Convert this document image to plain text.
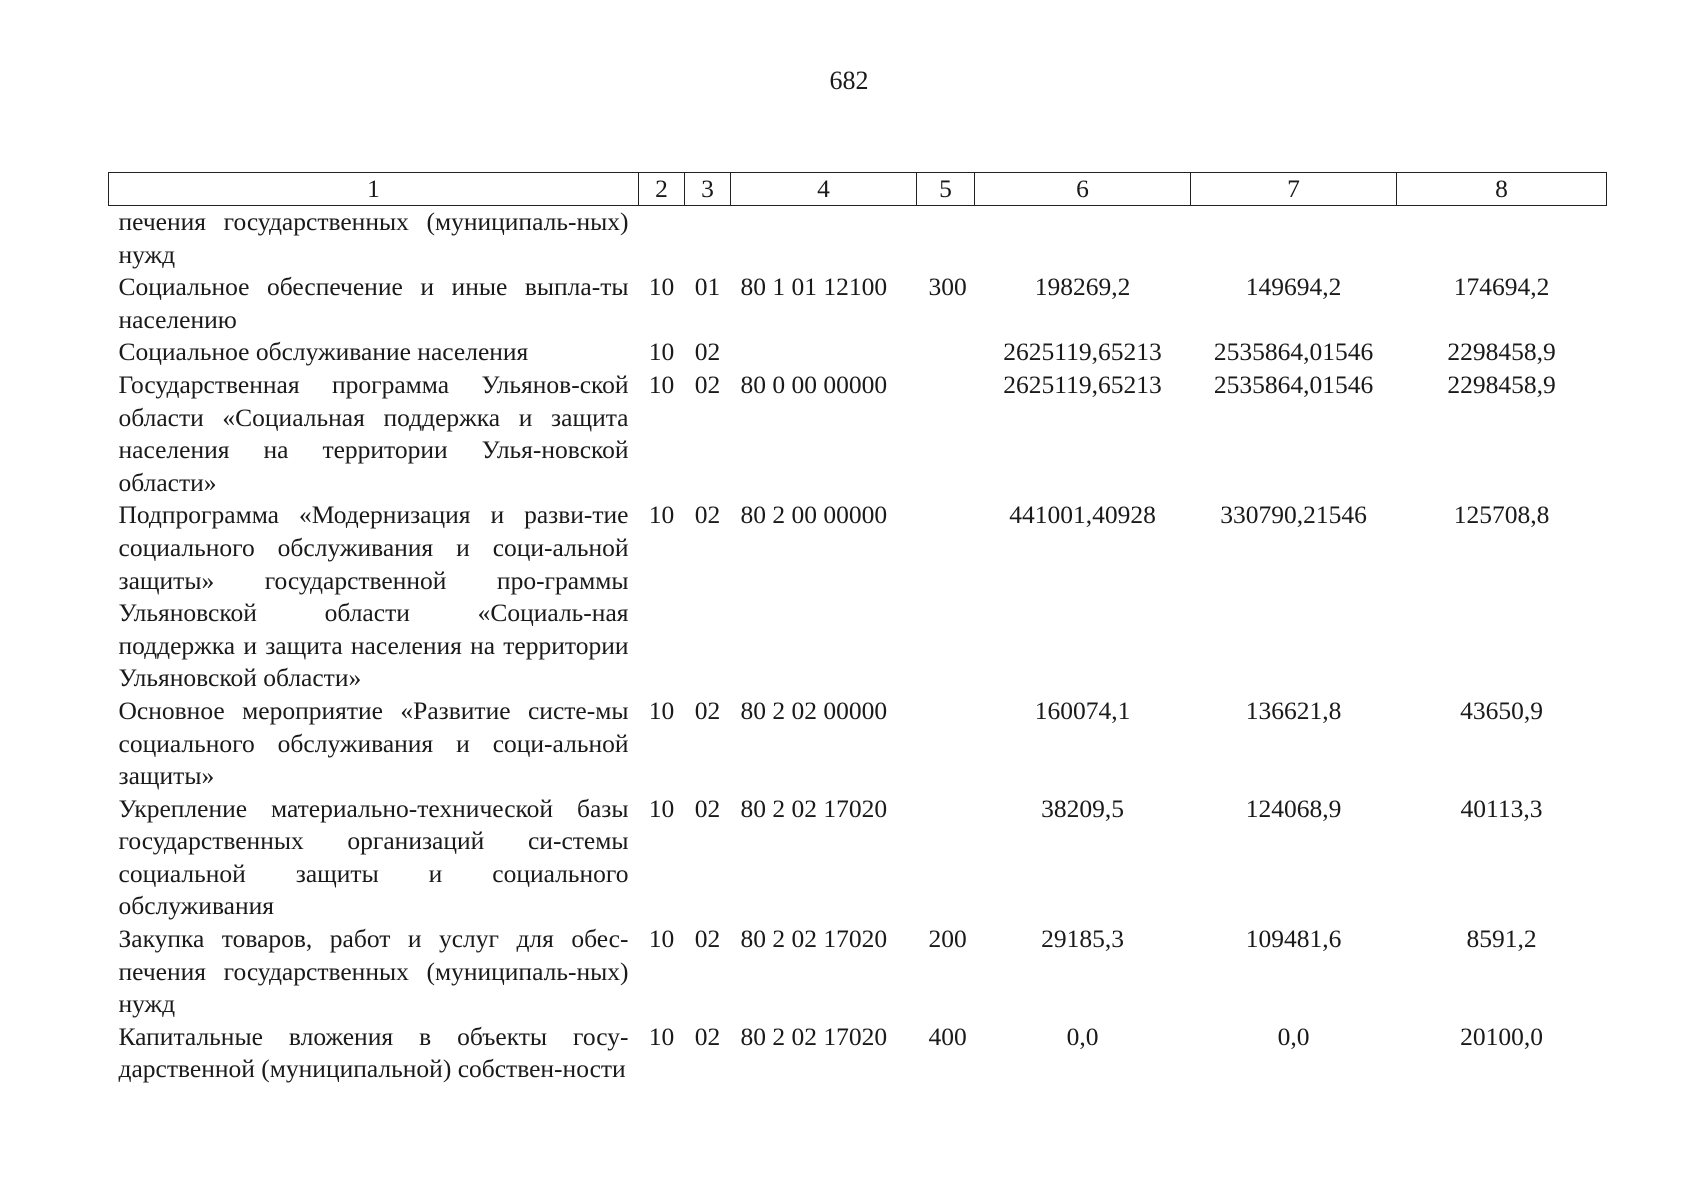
682
1	2	3	4	5	6	7	8
печения государственных (муниципаль-ных) нужд							
Социальное обеспечение и иные выпла-ты населению	10	01	80 1 01 12100	300	198269,2	149694,2	174694,2
Социальное обслуживание населения	10	02			2625119,65213	2535864,01546	2298458,9
Государственная программа Ульянов-ской области «Социальная поддержка и защита населения на территории Улья-новской области»	10	02	80 0 00 00000		2625119,65213	2535864,01546	2298458,9
Подпрограмма «Модернизация и разви-тие социального обслуживания и соци-альной защиты» государственной про-граммы Ульяновской области «Социаль-ная поддержка и защита населения на территории Ульяновской области»	10	02	80 2 00 00000		441001,40928	330790,21546	125708,8
Основное мероприятие «Развитие систе-мы социального обслуживания и соци-альной защиты»	10	02	80 2 02 00000		160074,1	136621,8	43650,9
Укрепление материально-технической базы государственных организаций си-стемы социальной защиты и социального обслуживания	10	02	80 2 02 17020		38209,5	124068,9	40113,3
Закупка товаров, работ и услуг для обес-печения государственных (муниципаль-ных) нужд	10	02	80 2 02 17020	200	29185,3	109481,6	8591,2
Капитальные вложения в объекты госу-дарственной (муниципальной) собствен-ности	10	02	80 2 02 17020	400	0,0	0,0	20100,0
